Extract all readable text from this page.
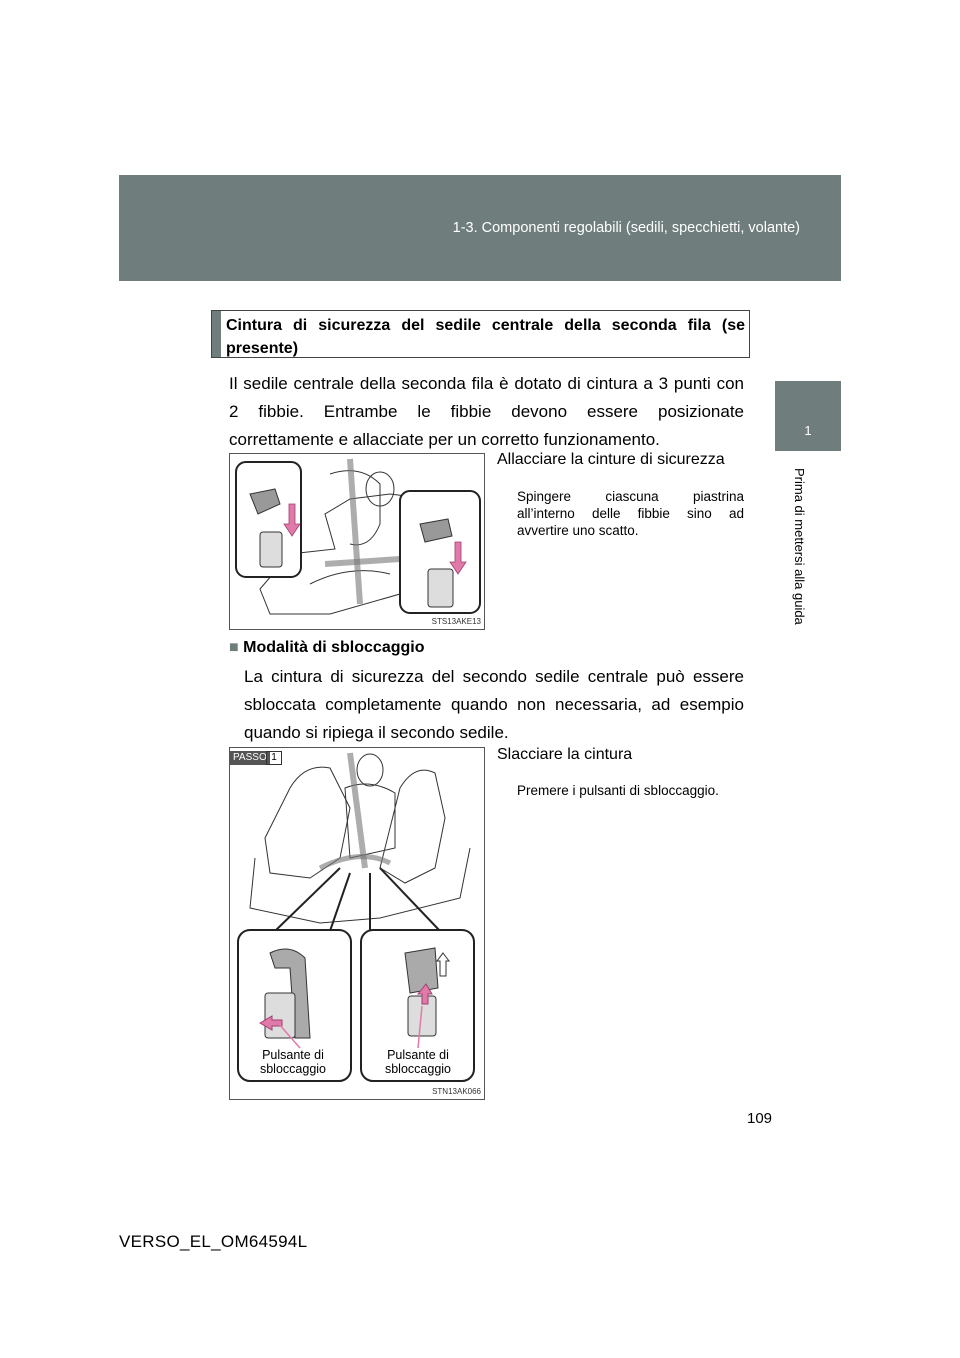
1-3. Componenti regolabili (sedili, specchietti, volante)
1
Prima di mettersi alla guida
Cintura di sicurezza del sedile centrale della seconda fila (se presente)
Il sedile centrale della seconda fila è dotato di cintura a 3 punti con 2 fibbie. Entrambe le fibbie devono essere posizionate correttamente e allacciate per un corretto funzionamento.
STS13AKE13
Allacciare la cinture di sicurezza
Spingere ciascuna piastrina all’interno delle fibbie sino ad avvertire uno scatto.
■ Modalità di sbloccaggio
La cintura di sicurezza del secondo sedile centrale può essere sbloccata completamente quando non necessaria, ad esempio quando si ripiega il secondo sedile.
PASSO 1
Pulsante di sbloccaggio
Pulsante di sbloccaggio
STN13AK066
Slacciare la cintura
Premere i pulsanti di sbloccaggio.
109
VERSO_EL_OM64594L
